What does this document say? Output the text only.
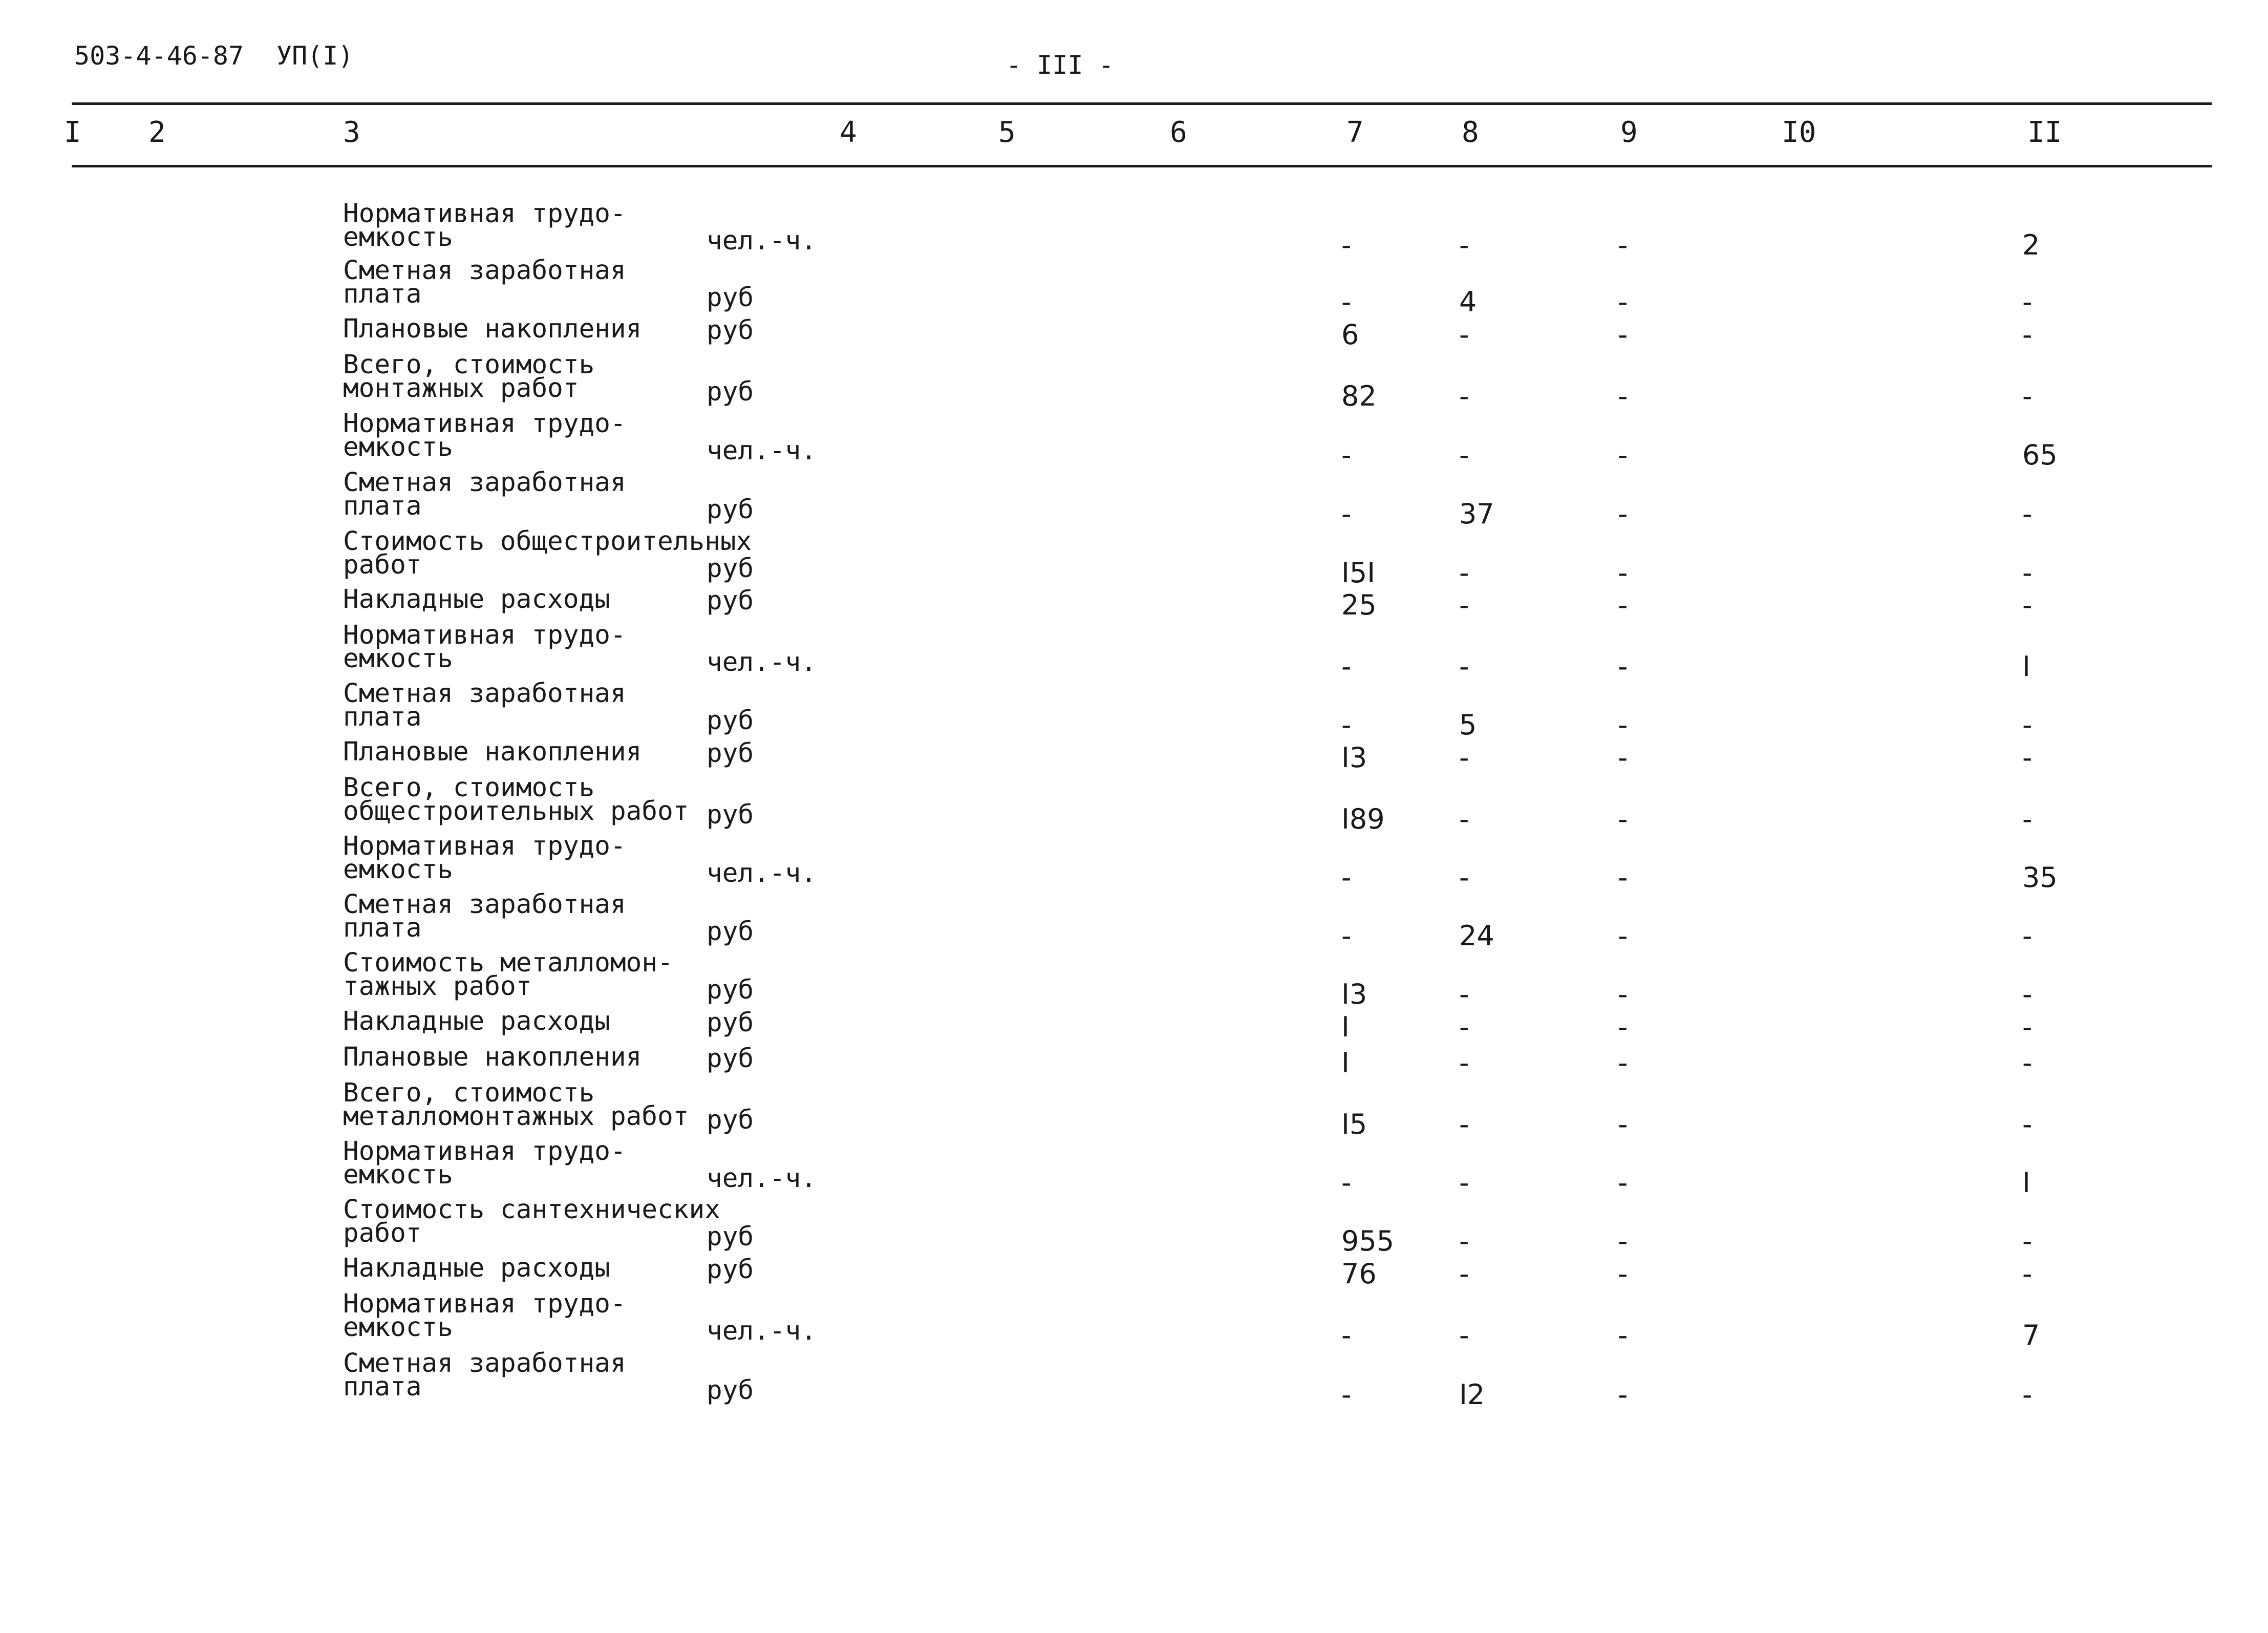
503-4-46-87 УП(I)	- III -
I 2	3	4	5	6	7	8	9	I0	II
Нормативная трудо-
емкость	чел.-ч.	-	-	-	2
Сметная заработная
плата	руб	-	4	-	-
Плановые накопления руб	6	-	-	-
Всего, стоимость
монтажных работ	руб	82	-	-	-
Нормативная трудо-
емкость	чел.-ч.	-	-	-	65
Сметная заработная
плата	руб	-	37	-	-
Стоимость общестроительных
работ	руб	I5I	-	-	-
Накладные расходы	руб	25	-	-	-
Нормативная трудо-
емкость	чел.-ч.	-	-	-	I
Сметная заработная
плата	руб	-	5	-	-
Плановые накопления руб	I3	-	-	-
Всего, стоимость
общестроительных работ руб	I89	-	-	-
Нормативная трудо-
емкость	чел.-ч.	-	-	-	35
Сметная заработная
плата	руб	-	24	-	-
Стоимость металломон-
тажных работ	руб	I3	-	-	-
Накладные расходы	руб	I	-	-	-
Плановые накопления руб	I	-	-	-
Всего, стоимость
металломонтажных работ руб	I5	-	-	-
Нормативная трудо-
емкость	чел.-ч.	-	-	-	I
Стоимость сантехнических
работ	руб	955 -	-	-
Накладные расходы	руб	76	-	-	-
Нормативная трудо-
емкость	чел.-ч.	-	-	-	7
Сметная заработная
плата	руб	-	I2	-	-
